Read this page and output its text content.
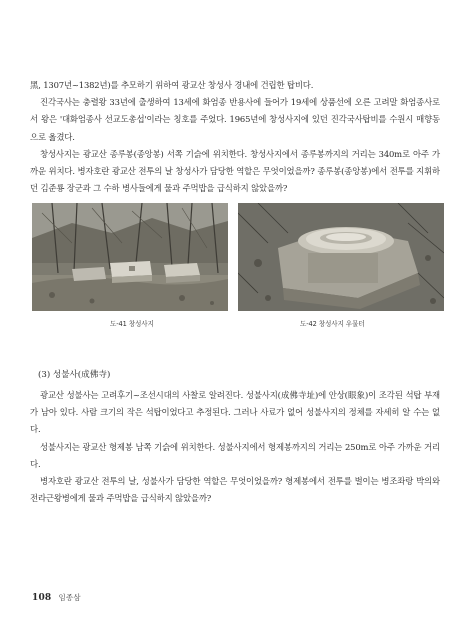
黑, 1307년~1382년)를 추모하기 위하여 광교산 창성사 경내에 건립한 탑비다.

진각국사는 충렬왕 33년에 출생하여 13세에 화엄종 반용사에 들어가 19세에 상품선에 오른 고려말 화엄종사로서 왕은 '대화엄종사 선교도총섭'이라는 칭호를 주었다. 1965년에 창성사지에 있던 진각국사탑비를 수원시 매향동으로 옮겼다.

창성사지는 광교산 종루봉(종앙봉) 서쪽 기슭에 위치한다. 창성사지에서 종루봉까지의 거리는 340m로 아주 가까운 위치다. 병자호란 광교산 전투의 날 창성사가 담당한 역할은 무엇이었을까? 종루봉(종앙봉)에서 전투를 지휘하던 김준룡 장군과 그 수하 병사들에게 물과 주먹밥을 급식하지 않았을까?

도-41 창성사지	도-42 창성사지 우물터
(3) 성불사(成佛寺)

광교산 성불사는 고려후기~조선시대의 사찰로 알려진다. 성불사지(成佛寺址)에 안상(眼象)이 조각된 석탑 부재가 남아 있다. 사람 크기의 작은 석탑이었다고 추정된다. 그러나 사료가 없어 성불사지의 정체를 자세히 알 수는 없다.

성불사지는 광교산 형제봉 남쪽 기슭에 위치한다. 성불사지에서 형제봉까지의 거리는 250m로 아주 가까운 거리다.

병자호란 광교산 전투의 날, 성불사가 담당한 역할은 무엇이었을까? 형제봉에서 전투를 벌이는 병조좌랑 박의와 전라근왕병에게 물과 주먹밥을 급식하지 않았을까?

108 임종삼
